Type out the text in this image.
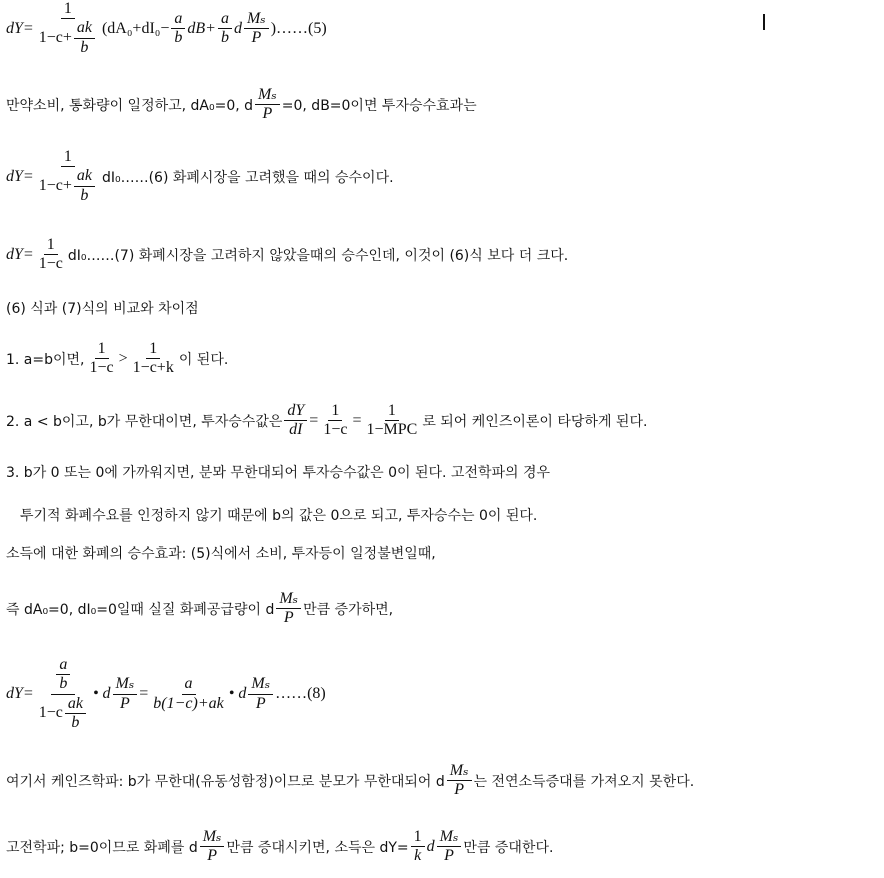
$dY= \frac{1}{1-c+ \frac{ak}{b}} (dA_0+dI_0- \frac{a}{b} dB+ \frac{a}{b}$ d $\frac{\text{Mₛ}}{P}$ )……(5)
만약소비, 통화량이 일정하고, dA₀=0, d $\frac{\text{Mₛ}}{P} =0$, dB=0이면 투자승수효과는
$dY= \frac{1}{1-c+ \frac{ak}{b}}$ dI₀……(6) 화폐시장을 고려했을 때의 승수이다.
$dY= \frac{1}{1-c}$ dI₀……(7) 화폐시장을 고려하지 않았을때의 승수인데, 이것이 (6)식 보다 더 크다.
(6) 식과 (7)식의 비교와 차이점
1. a=b이면, $\frac{1}{1-c} > \frac{1}{1-c+k}$ 이 된다.
2. a < b이고, b가 무한대이면, 투자승수값은 $\frac{dY}{dI} = \frac{1}{1-c} = \frac{1}{\text{1−MPC}}$ 로 되어 케인즈이론이 타당하게 된다.
3. b가 0 또는 0에 가까워지면, 분뫄 무한대되어 투자승수값은 0이 된다. 고전학파의 경우
투기적 화폐수요를 인정하지 않기 때문에 b의 값은 0으로 되고, 투자승수는 0이 된다.
소득에 대한 화폐의 승수효과: (5)식에서 소비, 투자등이 일정불변일때,
즉 dA₀=0, dI₀=0일때 실질 화폐공급량이 d $\frac{\text{Mₛ}}{P}$ 만큼 증가하면,
$dY= \frac{\frac{a}{b}}{1-c \frac{ak}{b}}$ • d $\frac{\text{Mₛ}}{P} = \frac{a}{b(1-c)+ak}$ • d $\frac{\text{Mₛ}}{P}$ ……(8)
여기서 케인즈학파: b가 무한대(유동성함정)이므로 분모가 무한대되어 d $\frac{\text{Mₛ}}{P}$ 는 전연소득증대를 가져오지 못한다.
고전학파; b=0이므로 화폐를 d $\frac{\text{Mₛ}}{P}$ 만큼 증대시키면, 소득은 $dY= \frac{1}{k}$ d $\frac{\text{Mₛ}}{P}$ 만큼 증대한다.
